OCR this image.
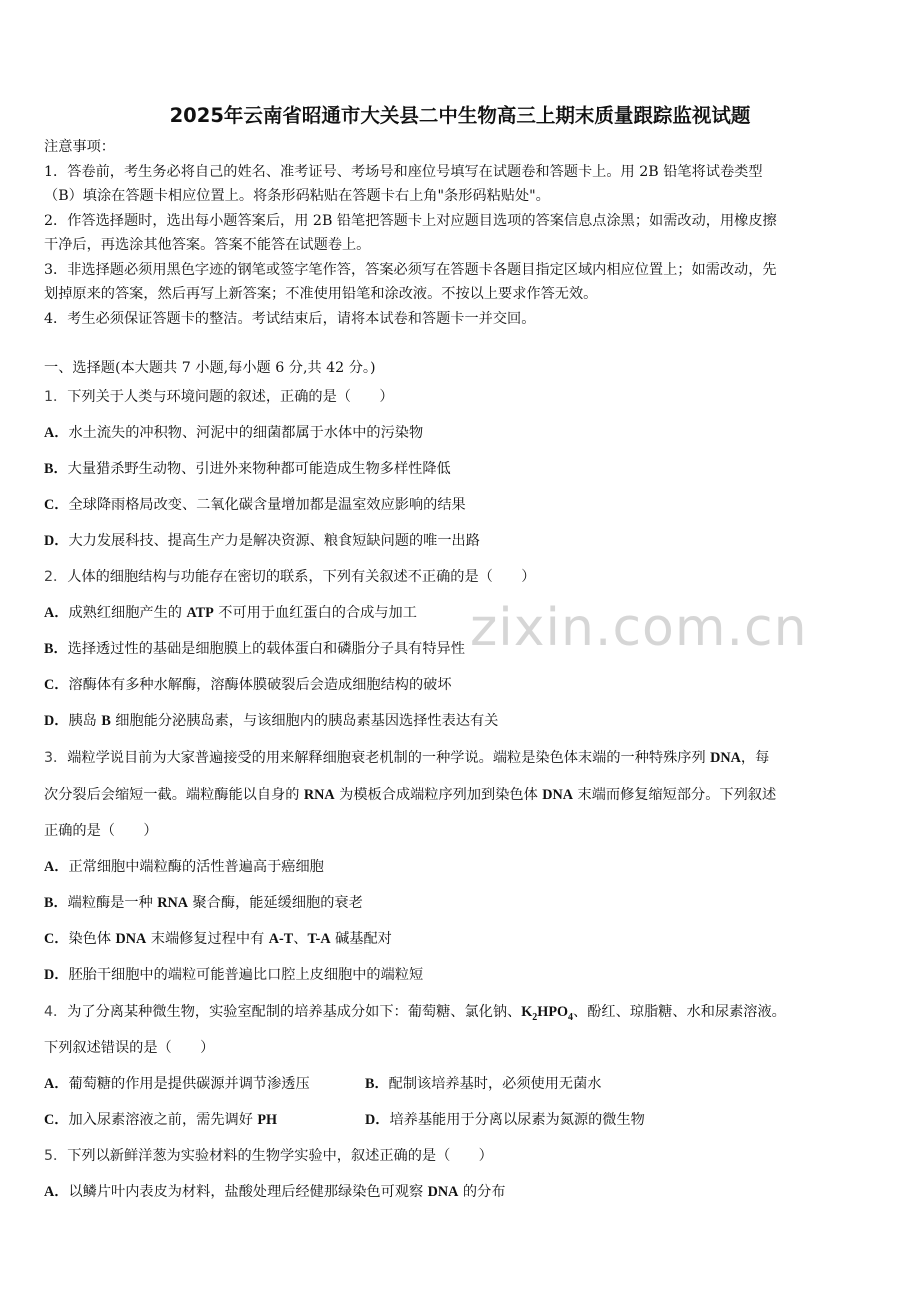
2025年云南省昭通市大关县二中生物高三上期末质量跟踪监视试题
注意事项：
1．答卷前，考生务必将自己的姓名、准考证号、考场号和座位号填写在试题卷和答题卡上。用 2B 铅笔将试卷类型
（B）填涂在答题卡相应位置上。将条形码粘贴在答题卡右上角"条形码粘贴处"。
2．作答选择题时，选出每小题答案后，用 2B 铅笔把答题卡上对应题目选项的答案信息点涂黑；如需改动，用橡皮擦
干净后，再选涂其他答案。答案不能答在试题卷上。
3．非选择题必须用黑色字迹的钢笔或签字笔作答，答案必须写在答题卡各题目指定区域内相应位置上；如需改动，先
划掉原来的答案，然后再写上新答案；不准使用铅笔和涂改液。不按以上要求作答无效。
4．考生必须保证答题卡的整洁。考试结束后，请将本试卷和答题卡一并交回。
zixin.com.cn
一、选择题(本大题共 7 小题,每小题 6 分,共 42 分。)
1．下列关于人类与环境问题的叙述，正确的是（　　）
A．水土流失的冲积物、河泥中的细菌都属于水体中的污染物
B．大量猎杀野生动物、引进外来物种都可能造成生物多样性降低
C．全球降雨格局改变、二氧化碳含量增加都是温室效应影响的结果
D．大力发展科技、提高生产力是解决资源、粮食短缺问题的唯一出路
2．人体的细胞结构与功能存在密切的联系，下列有关叙述不正确的是（　　）
A．成熟红细胞产生的 ATP 不可用于血红蛋白的合成与加工
B．选择透过性的基础是细胞膜上的载体蛋白和磷脂分子具有特异性
C．溶酶体有多种水解酶，溶酶体膜破裂后会造成细胞结构的破坏
D．胰岛 B 细胞能分泌胰岛素，与该细胞内的胰岛素基因选择性表达有关
3．端粒学说目前为大家普遍接受的用来解释细胞衰老机制的一种学说。端粒是染色体末端的一种特殊序列 DNA，每
次分裂后会缩短一截。端粒酶能以自身的 RNA 为模板合成端粒序列加到染色体 DNA 末端而修复缩短部分。下列叙述
正确的是（　　）
A．正常细胞中端粒酶的活性普遍高于癌细胞
B．端粒酶是一种 RNA 聚合酶，能延缓细胞的衰老
C．染色体 DNA 末端修复过程中有 A-T、T-A 碱基配对
D．胚胎干细胞中的端粒可能普遍比口腔上皮细胞中的端粒短
4．为了分离某种微生物，实验室配制的培养基成分如下：葡萄糖、氯化钠、$K_2HPO_4$、酚红、琼脂糖、水和尿素溶液。
下列叙述错误的是（　　）
A．葡萄糖的作用是提供碳源并调节渗透压	B．配制该培养基时，必须使用无菌水
C．加入尿素溶液之前，需先调好 PH	D．培养基能用于分离以尿素为氮源的微生物
5．下列以新鲜洋葱为实验材料的生物学实验中，叙述正确的是（　　）
A．以鳞片叶内表皮为材料，盐酸处理后经健那绿染色可观察 DNA 的分布
